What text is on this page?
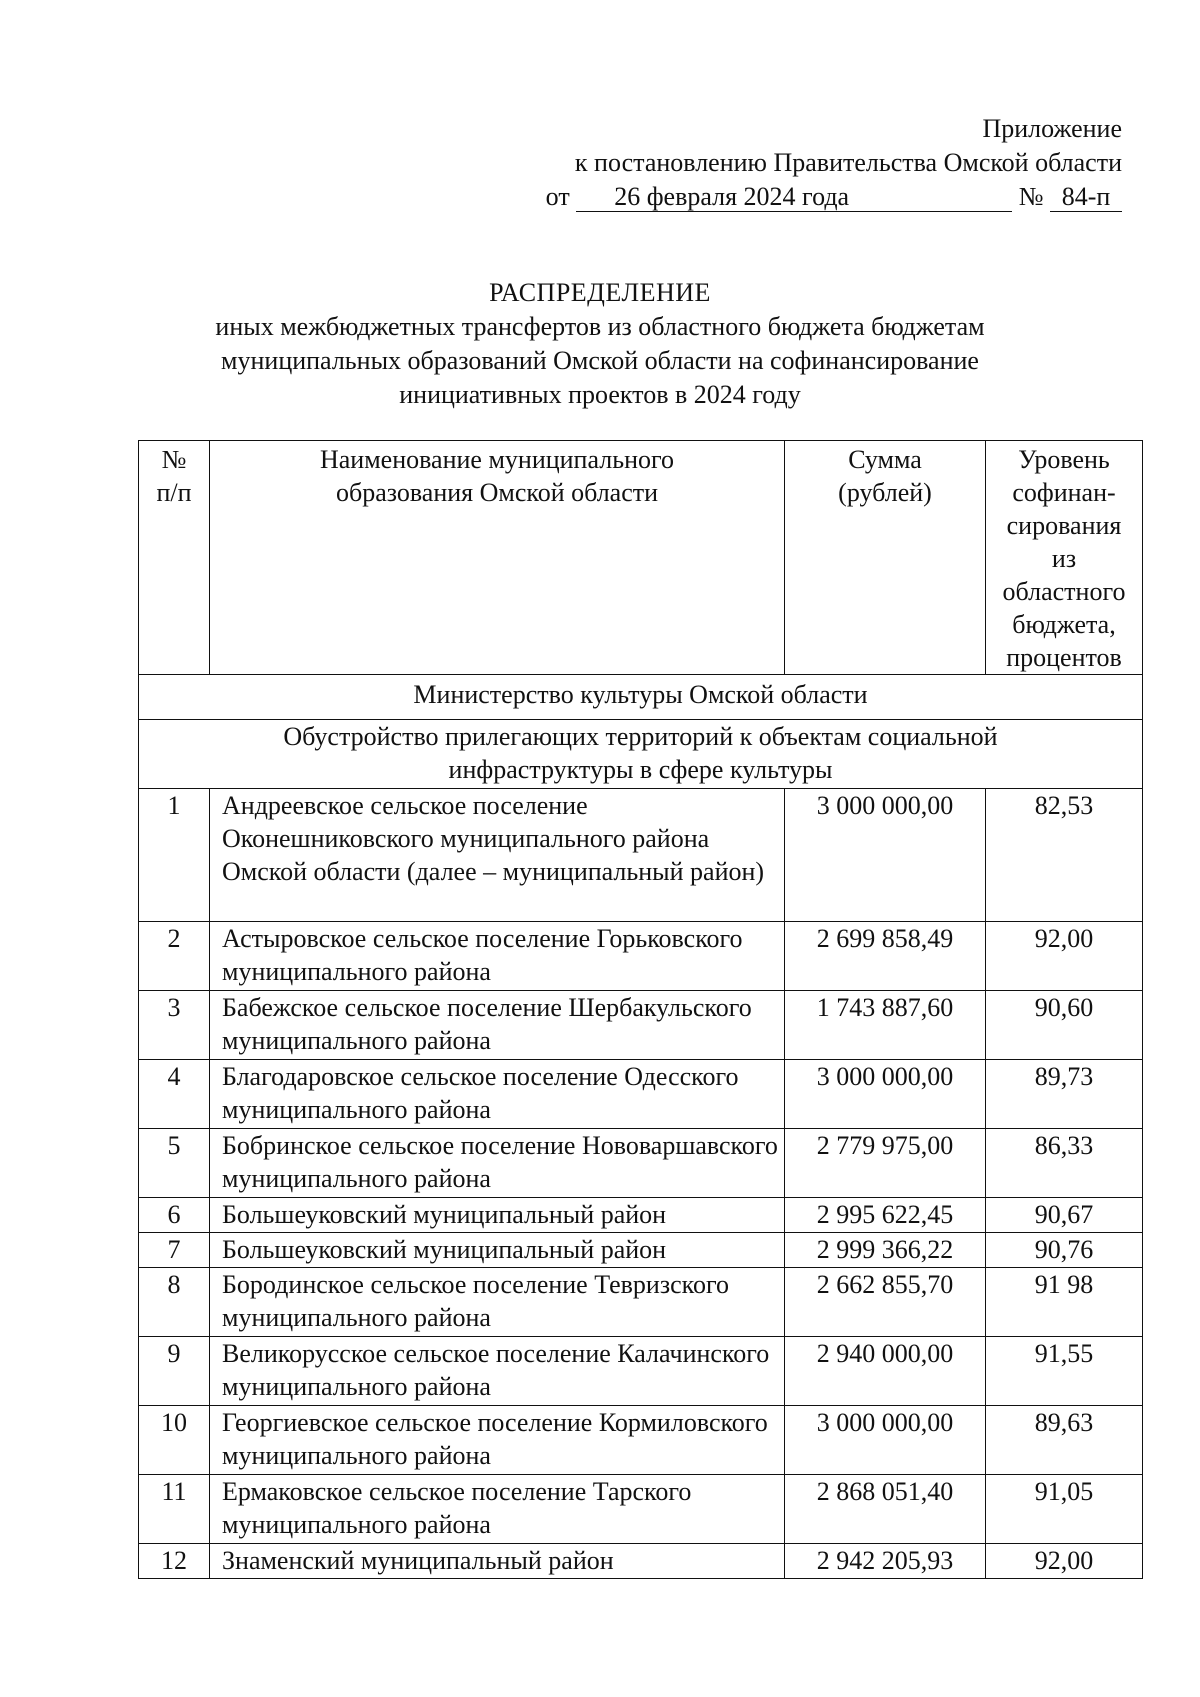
Приложение
к постановлению Правительства Омской области
от
	26 февраля 2024 года
	№
84-п
РАСПРЕДЕЛЕНИЕ
иных межбюджетных трансфертов из областного бюджета бюджетам
муниципальных образований Омской области на софинансирование
инициативных проектов в 2024 году
№ п/п	Наименование муниципального образования Омской области	Сумма (рублей)	Уровень софинан- сирования из областного бюджета, процентов

Министерство культуры Омской области			

Обустройство прилегающих территорий к объектам социальной
инфраструктуры в сфере культуры			

1	Андреевское сельское поселение Оконешниковского муниципального района Омской области (далее – муниципальный район)	3 000 000,00	82,53
2	Астыровское сельское поселение Горьковского муниципального района	2 699 858,49	92,00
3	Бабежское сельское поселение Шербакульского муниципального района	1 743 887,60	90,60
4	Благодаровское сельское поселение Одесского муниципального района	3 000 000,00	89,73
5	Бобринское сельское поселение Нововаршавского муниципального района	2 779 975,00	86,33
6	Большеуковский муниципальный район	2 995 622,45	90,67
7	Большеуковский муниципальный район	2 999 366,22	90,76
8	Бородинское сельское поселение Тевризского муниципального района	2 662 855,70	91 98
9	Великорусское сельское поселение Калачинского муниципального района	2 940 000,00	91,55
10	Георгиевское сельское поселение Кормиловского муниципального района	3 000 000,00	89,63
11	Ермаковское сельское поселение Тарского муниципального района	2 868 051,40	91,05
12	Знаменский муниципальный район	2 942 205,93	92,00
